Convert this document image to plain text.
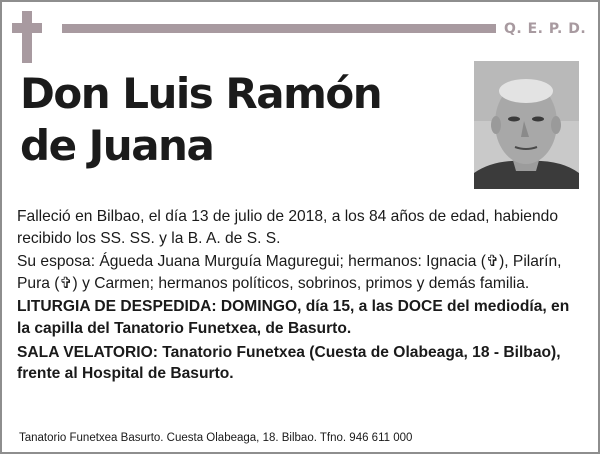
Q. E. P. D.
Don Luis Ramón
de Juana

Falleció en Bilbao, el día 13 de julio de 2018, a los 84 años de edad, habiendo recibido los SS. SS. y la B. A. de S. S.

Su esposa: Águeda Juana Murguía Maguregui; hermanos: Ignacia (✞), Pilarín, Pura (✞) y Carmen; hermanos políticos, sobrinos, primos y demás familia.

LITURGIA DE DESPEDIDA: DOMINGO, día 15, a las DOCE del mediodía, en la capilla del Tanatorio Funetxea, de Basurto.

SALA VELATORIO: Tanatorio Funetxea (Cuesta de Olabeaga, 18 - Bilbao), frente al Hospital de Basurto.

Tanatorio Funetxea Basurto. Cuesta Olabeaga, 18. Bilbao. Tfno. 946 611 000
